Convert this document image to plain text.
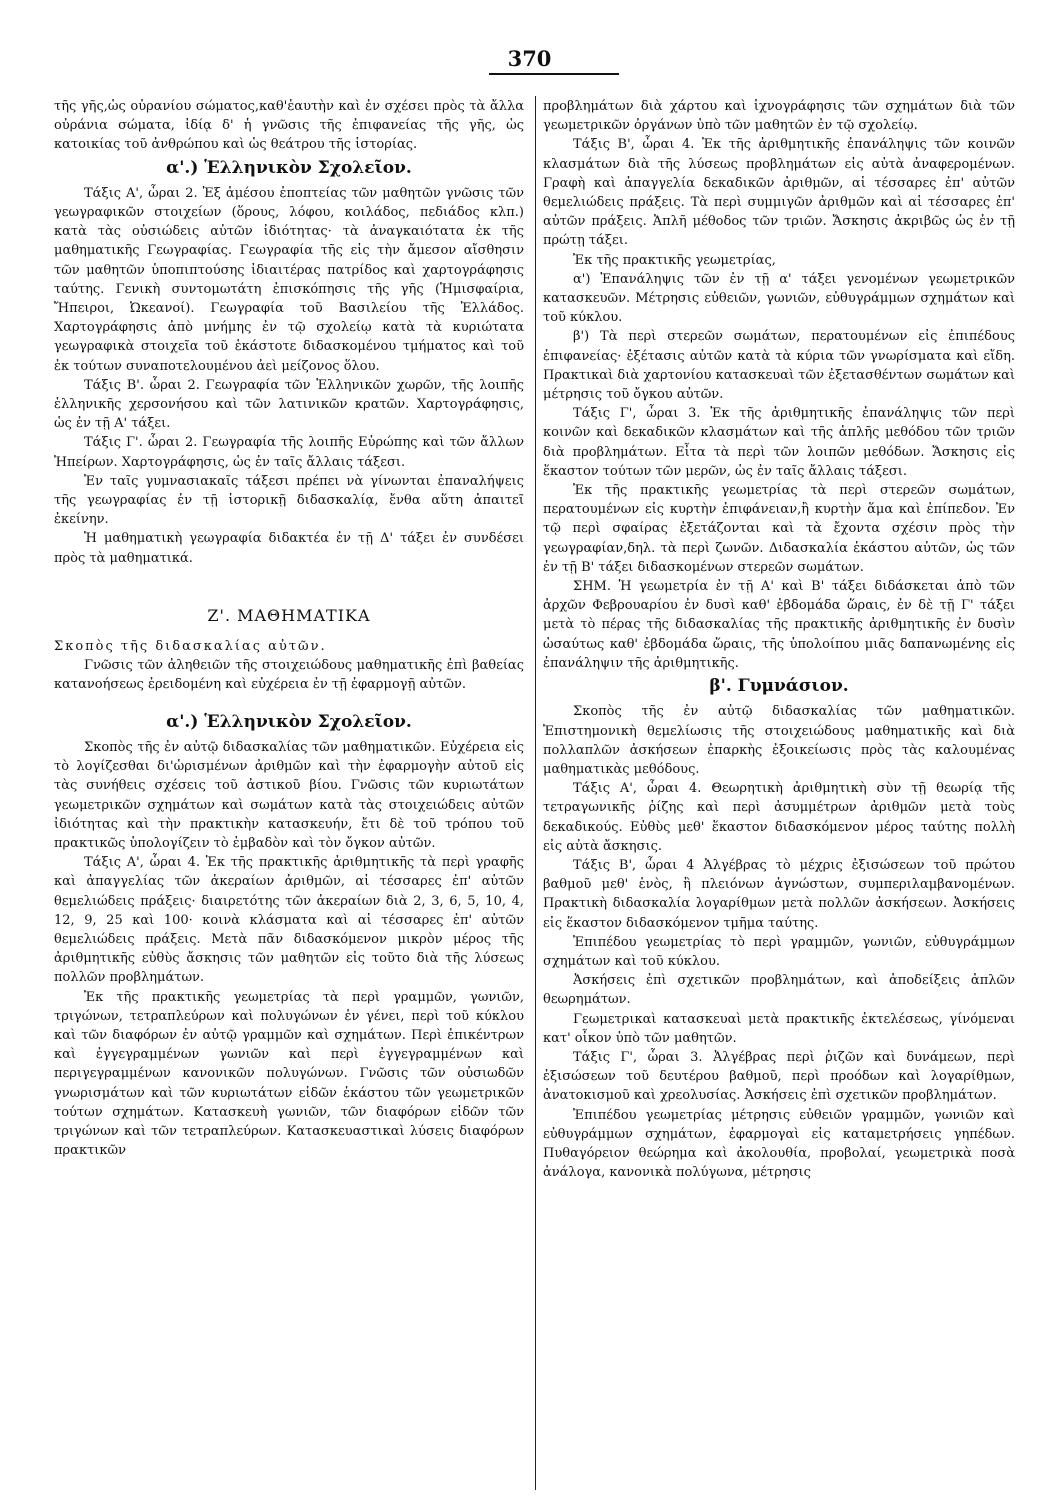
370

τῆς γῆς,ὡς οὐρανίου σώματος,καθ'ἑαυτὴν καὶ ἐν σχέσει πρὸς τὰ ἄλλα οὐράνια σώματα, ἰδίᾳ δ' ἡ γνῶσις τῆς ἐπιφανείας τῆς γῆς, ὡς κατοικίας τοῦ ἀνθρώπου καὶ ὡς θεάτρου τῆς ἱστορίας.

α'.) Ἑλληνικὸν Σχολεῖον.

Τάξις Α', ὧραι 2. Ἐξ ἀμέσου ἐποπτείας τῶν μαθητῶν γνῶσις τῶν γεωγραφικῶν στοιχείων (ὅρους, λόφου, κοιλάδος, πεδιάδος κλπ.) κατὰ τὰς οὐσιώδεις αὐτῶν ἰδιότητας· τὰ ἀναγκαιότατα ἐκ τῆς μαθηματικῆς Γεωγραφίας. Γεωγραφία τῆς εἰς τὴν ἄμεσον αἴσθησιν τῶν μαθητῶν ὑποπιπτούσης ἰδιαιτέρας πατρίδος καὶ χαρτογράφησις ταύτης. Γενικὴ συντομωτάτη ἐπισκόπησις τῆς γῆς (Ἡμισφαίρια, Ἤπειροι, Ὠκεανοί). Γεωγραφία τοῦ Βασιλείου τῆς Ἑλλάδος. Χαρτογράφησις ἀπὸ μνήμης ἐν τῷ σχολείῳ κατὰ τὰ κυριώτατα γεωγραφικὰ στοιχεῖα τοῦ ἑκάστοτε διδασκομένου τμήματος καὶ τοῦ ἐκ τούτων συναποτελουμένου ἀεὶ μείζονος ὅλου.

Τάξις Β'. ὧραι 2. Γεωγραφία τῶν Ἑλληνικῶν χωρῶν, τῆς λοιπῆς ἑλληνικῆς χερσονήσου καὶ τῶν λατινικῶν κρατῶν. Χαρτογράφησις, ὡς ἐν τῇ Α' τάξει.

Τάξις Γ'. ὧραι 2. Γεωγραφία τῆς λοιπῆς Εὐρώπης καὶ τῶν ἄλλων Ἠπείρων. Χαρτογράφησις, ὡς ἐν ταῖς ἄλλαις τάξεσι.

Ἐν ταῖς γυμνασιακαῖς τάξεσι πρέπει νὰ γίνωνται ἐπαναλήψεις τῆς γεωγραφίας ἐν τῇ ἱστορικῇ διδασκαλίᾳ, ἔνθα αὕτη ἀπαιτεῖ ἐκείνην.

Ἡ μαθηματικὴ γεωγραφία διδακτέα ἐν τῇ Δ' τάξει ἐν συνδέσει πρὸς τὰ μαθηματικά.

Ζ'. ΜΑΘΗΜΑΤΙΚΑ

Σκοπὸς τῆς διδασκαλίας αὐτῶν.

Γνῶσις τῶν ἀληθειῶν τῆς στοιχειώδους μαθηματικῆς ἐπὶ βαθείας κατανοήσεως ἐρειδομένη καὶ εὐχέρεια ἐν τῇ ἐφαρμογῇ αὐτῶν.

α'.) Ἑλληνικὸν Σχολεῖον.

Σκοπὸς τῆς ἐν αὐτῷ διδασκαλίας τῶν μαθηματικῶν. Εὐχέρεια εἰς τὸ λογίζεσθαι δι'ὡρισμένων ἀριθμῶν καὶ τὴν ἐφαρμογὴν αὐτοῦ εἰς τὰς συνήθεις σχέσεις τοῦ ἀστικοῦ βίου. Γνῶσις τῶν κυριωτάτων γεωμετρικῶν σχημάτων καὶ σωμάτων κατὰ τὰς στοιχειώδεις αὐτῶν ἰδιότητας καὶ τὴν πρακτικὴν κατασκευήν, ἔτι δὲ τοῦ τρόπου τοῦ πρακτικῶς ὑπολογίζειν τὸ ἐμβαδὸν καὶ τὸν ὄγκον αὐτῶν.

Τάξις Α', ὧραι 4. Ἐκ τῆς πρακτικῆς ἀριθμητικῆς τὰ περὶ γραφῆς καὶ ἀπαγγελίας τῶν ἀκεραίων ἀριθμῶν, αἱ τέσσαρες ἐπ' αὐτῶν θεμελιώδεις πράξεις· διαιρετότης τῶν ἀκεραίων διὰ 2, 3, 6, 5, 10, 4, 12, 9, 25 καὶ 100· κοινὰ κλάσματα καὶ αἱ τέσσαρες ἐπ' αὐτῶν θεμελιώδεις πράξεις. Μετὰ πᾶν διδασκόμενον μικρὸν μέρος τῆς ἀριθμητικῆς εὐθὺς ἄσκησις τῶν μαθητῶν εἰς τοῦτο διὰ τῆς λύσεως πολλῶν προβλημάτων.

Ἐκ τῆς πρακτικῆς γεωμετρίας τὰ περὶ γραμμῶν, γωνιῶν, τριγώνων, τετραπλεύρων καὶ πολυγώνων ἐν γένει, περὶ τοῦ κύκλου καὶ τῶν διαφόρων ἐν αὐτῷ γραμμῶν καὶ σχημάτων. Περὶ ἐπικέντρων καὶ ἐγγεγραμμένων γωνιῶν καὶ περὶ ἐγγεγραμμένων καὶ περιγεγραμμένων κανονικῶν πολυγώνων. Γνῶσις τῶν οὐσιωδῶν γνωρισμάτων καὶ τῶν κυριωτάτων εἰδῶν ἑκάστου τῶν γεωμετρικῶν τούτων σχημάτων. Κατασκευὴ γωνιῶν, τῶν διαφόρων εἰδῶν τῶν τριγώνων καὶ τῶν τετραπλεύρων. Κατασκευαστικαὶ λύσεις διαφόρων πρακτικῶν

προβλημάτων διὰ χάρτου καὶ ἰχνογράφησις τῶν σχημάτων διὰ τῶν γεωμετρικῶν ὀργάνων ὑπὸ τῶν μαθητῶν ἐν τῷ σχολείῳ.

Τάξις Β', ὧραι 4. Ἐκ τῆς ἀριθμητικῆς ἐπανάληψις τῶν κοινῶν κλασμάτων διὰ τῆς λύσεως προβλημάτων εἰς αὐτὰ ἀναφερομένων. Γραφὴ καὶ ἀπαγγελία δεκαδικῶν ἀριθμῶν, αἱ τέσσαρες ἐπ' αὐτῶν θεμελιώδεις πράξεις. Τὰ περὶ συμμιγῶν ἀριθμῶν καὶ αἱ τέσσαρες ἐπ' αὐτῶν πράξεις. Ἁπλῆ μέθοδος τῶν τριῶν. Ἄσκησις ἀκριβῶς ὡς ἐν τῇ πρώτῃ τάξει.

Ἐκ τῆς πρακτικῆς γεωμετρίας,

α') Ἐπανάληψις τῶν ἐν τῇ α' τάξει γενομένων γεωμετρικῶν κατασκευῶν. Μέτρησις εὐθειῶν, γωνιῶν, εὐθυγράμμων σχημάτων καὶ τοῦ κύκλου.

β') Τὰ περὶ στερεῶν σωμάτων, περατουμένων εἰς ἐπιπέδους ἐπιφανείας· ἐξέτασις αὐτῶν κατὰ τὰ κύρια τῶν γνωρίσματα καὶ εἴδη. Πρακτικαὶ διὰ χαρτονίου κατασκευαὶ τῶν ἐξετασθέντων σωμάτων καὶ μέτρησις τοῦ ὄγκου αὐτῶν.

Τάξις Γ', ὧραι 3. Ἐκ τῆς ἀριθμητικῆς ἐπανάληψις τῶν περὶ κοινῶν καὶ δεκαδικῶν κλασμάτων καὶ τῆς ἁπλῆς μεθόδου τῶν τριῶν διὰ προβλημάτων. Εἶτα τὰ περὶ τῶν λοιπῶν μεθόδων. Ἄσκησις εἰς ἕκαστον τούτων τῶν μερῶν, ὡς ἐν ταῖς ἄλλαις τάξεσι.

Ἐκ τῆς πρακτικῆς γεωμετρίας τὰ περὶ στερεῶν σωμάτων, περατουμένων εἰς κυρτὴν ἐπιφάνειαν,ἢ κυρτὴν ἅμα καὶ ἐπίπεδον. Ἐν τῷ περὶ σφαίρας ἐξετάζονται καὶ τὰ ἔχοντα σχέσιν πρὸς τὴν γεωγραφίαν,δηλ. τὰ περὶ ζωνῶν. Διδασκαλία ἑκάστου αὐτῶν, ὡς τῶν ἐν τῇ Β' τάξει διδασκομένων στερεῶν σωμάτων.

ΣΗΜ. Ἡ γεωμετρία ἐν τῇ Α' καὶ Β' τάξει διδάσκεται ἀπὸ τῶν ἀρχῶν Φεβρουαρίου ἐν δυσὶ καθ' ἑβδομάδα ὥραις, ἐν δὲ τῇ Γ' τάξει μετὰ τὸ πέρας τῆς διδασκαλίας τῆς πρακτικῆς ἀριθμητικῆς ἐν δυσὶν ὡσαύτως καθ' ἑβδομάδα ὥραις, τῆς ὑπολοίπου μιᾶς δαπανωμένης εἰς ἐπανάληψιν τῆς ἀριθμητικῆς.

β'. Γυμνάσιον.

Σκοπὸς τῆς ἐν αὐτῷ διδασκαλίας τῶν μαθηματικῶν. Ἐπιστημονικὴ θεμελίωσις τῆς στοιχειώδους μαθηματικῆς καὶ διὰ πολλαπλῶν ἀσκήσεων ἐπαρκὴς ἐξοικείωσις πρὸς τὰς καλουμένας μαθηματικὰς μεθόδους.

Τάξις Α', ὧραι 4. Θεωρητικὴ ἀριθμητικὴ σὺν τῇ θεωρίᾳ τῆς τετραγωνικῆς ῥίζης καὶ περὶ ἀσυμμέτρων ἀριθμῶν μετὰ τοὺς δεκαδικούς. Εὐθὺς μεθ' ἕκαστον διδασκόμενον μέρος ταύτης πολλὴ εἰς αὐτὰ ἄσκησις.

Τάξις Β', ὧραι 4 Ἀλγέβρας τὸ μέχρις ἐξισώσεων τοῦ πρώτου βαθμοῦ μεθ' ἑνὸς, ἢ πλειόνων ἀγνώστων, συμπεριλαμβανομένων. Πρακτικὴ διδασκαλία λογαρίθμων μετὰ πολλῶν ἀσκήσεων. Ἀσκήσεις εἰς ἕκαστον διδασκόμενον τμῆμα ταύτης.

Ἐπιπέδου γεωμετρίας τὸ περὶ γραμμῶν, γωνιῶν, εὐθυγράμμων σχημάτων καὶ τοῦ κύκλου.

Ἀσκήσεις ἐπὶ σχετικῶν προβλημάτων, καὶ ἀποδείξεις ἁπλῶν θεωρημάτων.

Γεωμετρικαὶ κατασκευαὶ μετὰ πρακτικῆς ἐκτελέσεως, γίνόμεναι κατ' οἶκον ὑπὸ τῶν μαθητῶν.

Τάξις Γ', ὧραι 3. Ἀλγέβρας περὶ ῥιζῶν καὶ δυνάμεων, περὶ ἐξισώσεων τοῦ δευτέρου βαθμοῦ, περὶ προόδων καὶ λογαρίθμων, ἀνατοκισμοῦ καὶ χρεολυσίας. Ἀσκήσεις ἐπὶ σχετικῶν προβλημάτων.

Ἐπιπέδου γεωμετρίας μέτρησις εὐθειῶν γραμμῶν, γωνιῶν καὶ εὐθυγράμμων σχημάτων, ἐφαρμογαὶ εἰς καταμετρήσεις γηπέδων. Πυθαγόρειον θεώρημα καὶ ἀκολουθία, προβολαί, γεωμετρικὰ ποσὰ ἀνάλογα, κανονικὰ πολύγωνα, μέτρησις
